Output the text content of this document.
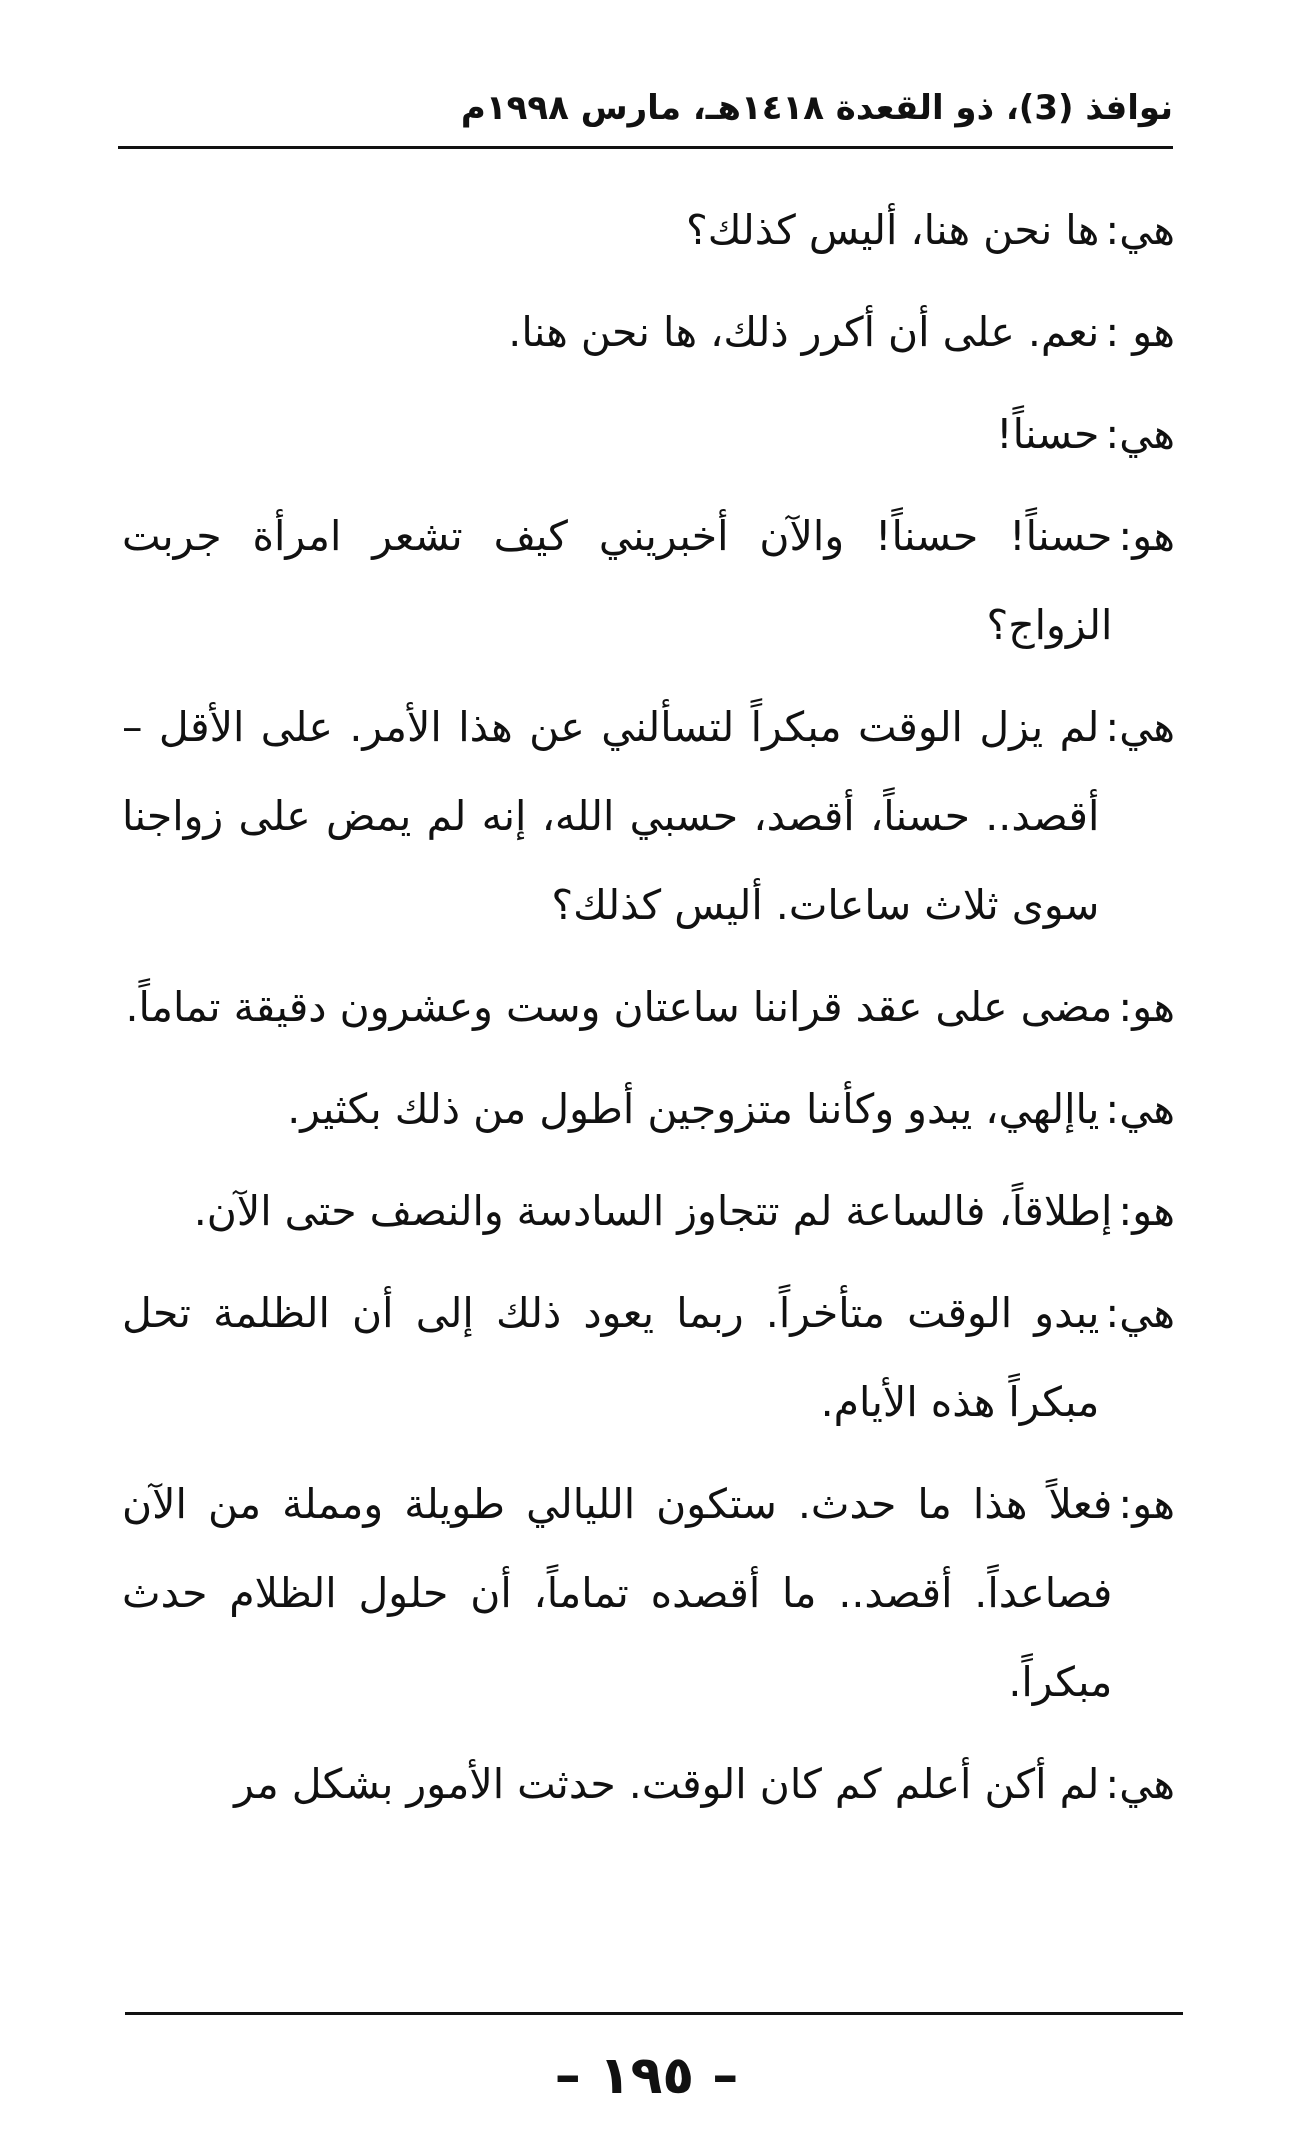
نوافذ (3)، ذو القعدة ١٤١٨هـ، مارس ١٩٩٨م
هي:
ها نحن هنا، أليس كذلك؟
هو :
نعم. على أن أكرر ذلك، ها نحن هنا.
هي:
حسناً!
هو:
حسناً! حسناً! والآن أخبريني كيف تشعر امرأة جربت الزواج؟
هي:
لم يزل الوقت مبكراً لتسألني عن هذا الأمر. على الأقل – أقصد.. حسناً، أقصد، حسبي الله، إنه لم يمض على زواجنا سوى ثلاث ساعات. أليس كذلك؟
هو:
مضى على عقد قراننا ساعتان وست وعشرون دقيقة تماماً.
هي:
ياإلهي، يبدو وكأننا متزوجين أطول من ذلك بكثير.
هو:
إطلاقاً، فالساعة لم تتجاوز السادسة والنصف حتى الآن.
هي:
يبدو الوقت متأخراً. ربما يعود ذلك إلى أن الظلمة تحل مبكراً هذه الأيام.
هو:
فعلاً هذا ما حدث. ستكون الليالي طويلة ومملة من الآن فصاعداً. أقصد.. ما أقصده تماماً، أن حلول الظلام حدث مبكراً.
هي:
لم أكن أعلم كم كان الوقت. حدثت الأمور بشكل مر
– ١٩٥ –
